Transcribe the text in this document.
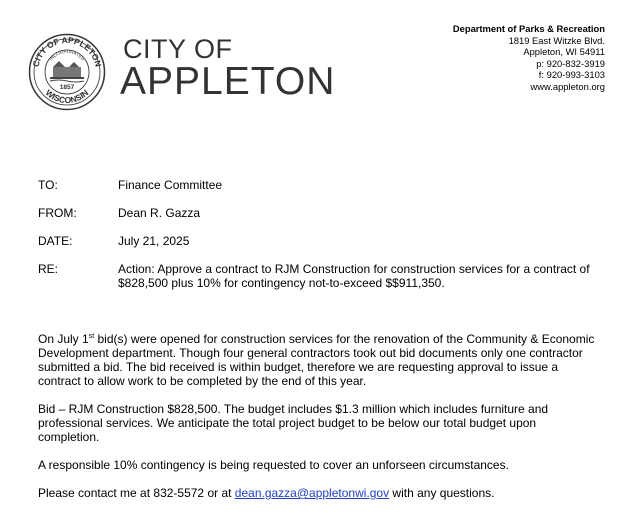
CITY OF APPLETON
INCORPORATED
WISCONSIN
1857
CITY OF
APPLETON
Department of Parks & Recreation
1819 East Witzke Blvd.
Appleton, WI 54911
p: 920-832-3919
f: 920-993-3103
www.appleton.org
TO:	Finance Committee
FROM:	Dean R. Gazza
DATE:	July 21, 2025
RE:	Action: Approve a contract to RJM Construction for construction services for a contract of $828,500 plus 10% for contingency not-to-exceed $$911,350.
On July 1st bid(s) were opened for construction services for the renovation of the Community & Economic Development department. Though four general contractors took out bid documents only one contractor submitted a bid. The bid received is within budget, therefore we are requesting approval to issue a contract to allow work to be completed by the end of this year.
Bid – RJM Construction $828,500. The budget includes $1.3 million which includes furniture and professional services. We anticipate the total project budget to be below our total budget upon completion.
A responsible 10% contingency is being requested to cover an unforseen circumstances.
Please contact me at 832-5572 or at dean.gazza@appletonwi.gov with any questions.
